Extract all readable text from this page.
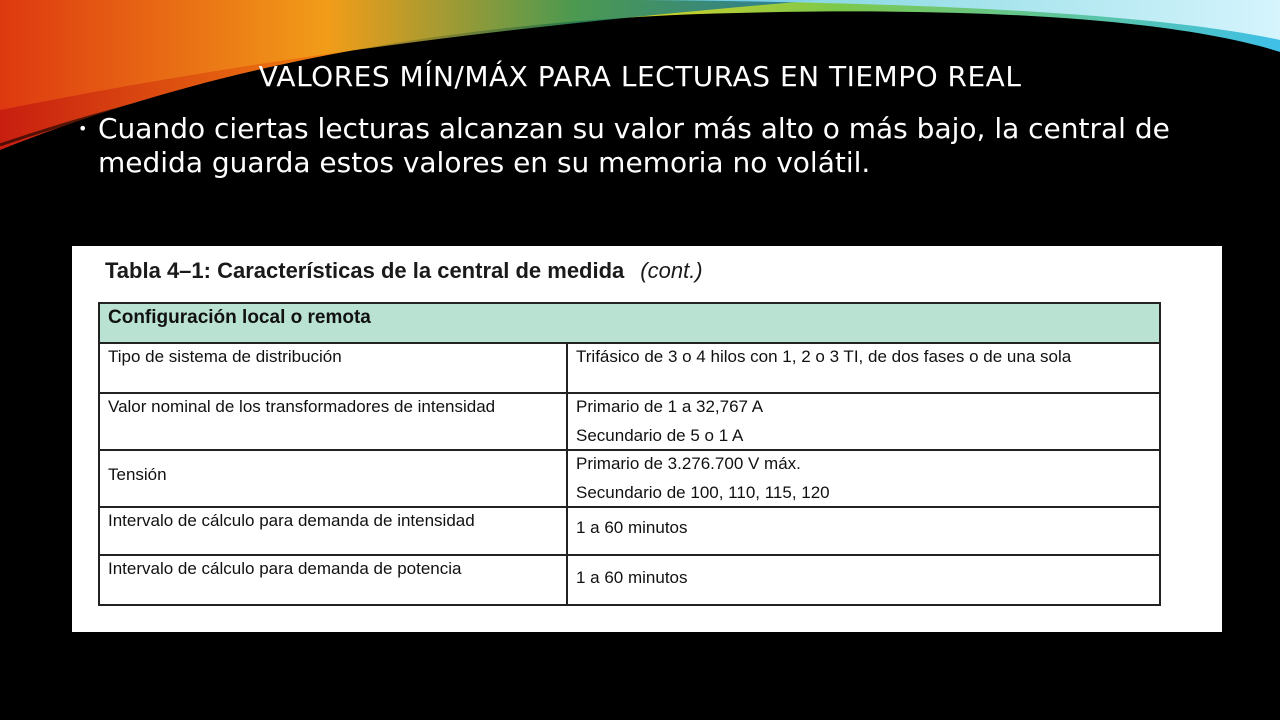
VALORES MÍN/MÁX PARA LECTURAS EN TIEMPO REAL
• Cuando ciertas lecturas alcanzan su valor más alto o más bajo, la central de medida guarda estos valores en su memoria no volátil.
Tabla 4–1: Características de la central de medida (cont.)
Configuración local o remota	
Tipo de sistema de distribución	Trifásico de 3 o 4 hilos con 1, 2 o 3 TI, de dos fases o de una sola
Valor nominal de los transformadores de intensidad	Primario de 1 a 32,767 A
Secundario de 5 o 1 A

Tensión	Primario de 3.276.700 V máx.
Secundario de 100, 110, 115, 120

Intervalo de cálculo para demanda de intensidad	1 a 60 minutos
Intervalo de cálculo para demanda de potencia	1 a 60 minutos
